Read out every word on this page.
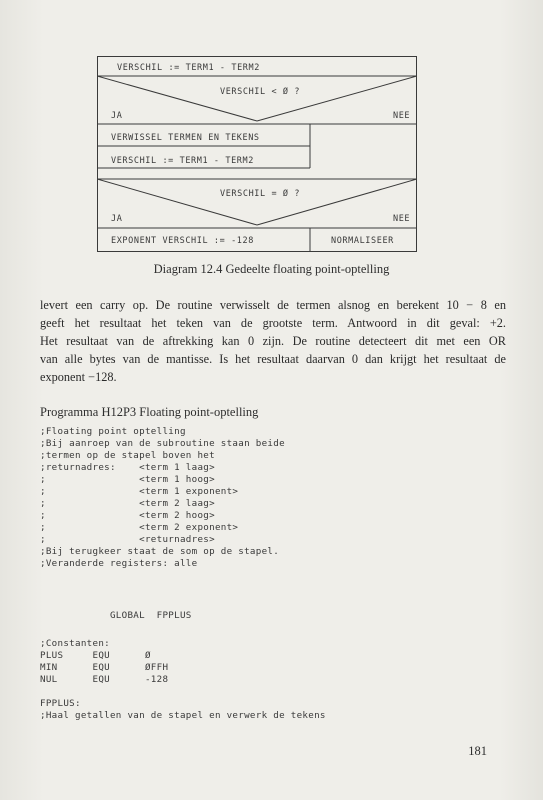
VERSCHIL := TERM1 - TERM2
VERSCHIL < Ø ?
JA	NEE
VERWISSEL TERMEN EN TEKENS
VERSCHIL := TERM1 - TERM2
VERSCHIL = Ø ?
JA	NEE
EXPONENT VERSCHIL := -128	NORMALISEER
Diagram 12.4 Gedeelte floating point-optelling
levert een carry op. De routine verwisselt de termen alsnog en berekent 10 − 8 en
geeft het resultaat het teken van de grootste term. Antwoord in dit geval: +2.
Het resultaat van de aftrekking kan 0 zijn. De routine detecteert dit met een OR
van alle bytes van de mantisse. Is het resultaat daarvan 0 dan krijgt het resultaat de
exponent −128.
Programma H12P3 Floating point-optelling
;Floating point optelling
;Bij aanroep van de subroutine staan beide
;termen op de stapel boven het
;returnadres:    <term 1 laag>
;                <term 1 hoog>
;                <term 1 exponent>
;                <term 2 laag>
;                <term 2 hoog>
;                <term 2 exponent>
;                <returnadres>
;Bij terugkeer staat de som op de stapel.
;Veranderde registers: alle
GLOBAL  FPPLUS
;Constanten:
PLUS     EQU      Ø
MIN      EQU      ØFFH
NUL      EQU      -128
FPPLUS:
;Haal getallen van de stapel en verwerk de tekens
181
